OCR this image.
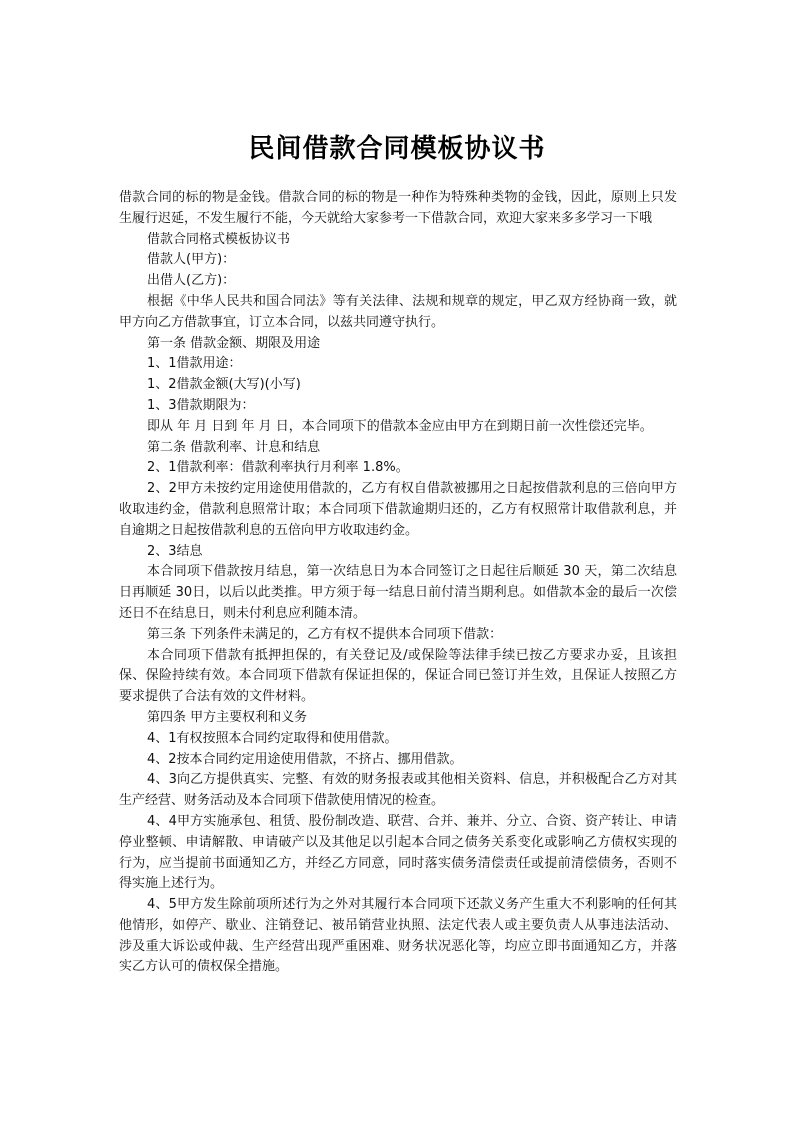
民间借款合同模板协议书

借款合同的标的物是金钱。借款合同的标的物是一种作为特殊种类物的金钱，因此，原则上只发生履行迟延，不发生履行不能，今天就给大家参考一下借款合同，欢迎大家来多多学习一下哦

借款合同格式模板协议书

借款人(甲方)：

出借人(乙方)：

根据《中华人民共和国合同法》等有关法律、法规和规章的规定，甲乙双方经协商一致，就甲方向乙方借款事宜，订立本合同，以兹共同遵守执行。

第一条 借款金额、期限及用途

1、1借款用途：

1、2借款金额(大写)(小写)

1、3借款期限为：

即从 年 月 日到 年 月 日，本合同项下的借款本金应由甲方在到期日前一次性偿还完毕。

第二条 借款利率、计息和结息

2、1借款利率：借款利率执行月利率 1.8%。

2、2甲方未按约定用途使用借款的，乙方有权自借款被挪用之日起按借款利息的三倍向甲方收取违约金，借款利息照常计取；本合同项下借款逾期归还的，乙方有权照常计取借款利息，并自逾期之日起按借款利息的五倍向甲方收取违约金。

2、3结息

本合同项下借款按月结息，第一次结息日为本合同签订之日起往后顺延 30 天，第二次结息日再顺延 30日，以后以此类推。甲方须于每一结息日前付清当期利息。如借款本金的最后一次偿还日不在结息日，则未付利息应利随本清。

第三条 下列条件未满足的，乙方有权不提供本合同项下借款：

本合同项下借款有抵押担保的，有关登记及/或保险等法律手续已按乙方要求办妥，且该担保、保险持续有效。本合同项下借款有保证担保的，保证合同已签订并生效，且保证人按照乙方要求提供了合法有效的文件材料。

第四条 甲方主要权利和义务

4、1有权按照本合同约定取得和使用借款。

4、2按本合同约定用途使用借款，不挤占、挪用借款。

4、3向乙方提供真实、完整、有效的财务报表或其他相关资料、信息，并积极配合乙方对其生产经营、财务活动及本合同项下借款使用情况的检查。

4、4甲方实施承包、租赁、股份制改造、联营、合并、兼并、分立、合资、资产转让、申请停业整顿、申请解散、申请破产以及其他足以引起本合同之债务关系变化或影响乙方债权实现的行为，应当提前书面通知乙方，并经乙方同意，同时落实债务清偿责任或提前清偿债务，否则不得实施上述行为。

4、5甲方发生除前项所述行为之外对其履行本合同项下还款义务产生重大不利影响的任何其他情形，如停产、歇业、注销登记、被吊销营业执照、法定代表人或主要负责人从事违法活动、涉及重大诉讼或仲裁、生产经营出现严重困难、财务状况恶化等，均应立即书面通知乙方，并落实乙方认可的债权保全措施。
